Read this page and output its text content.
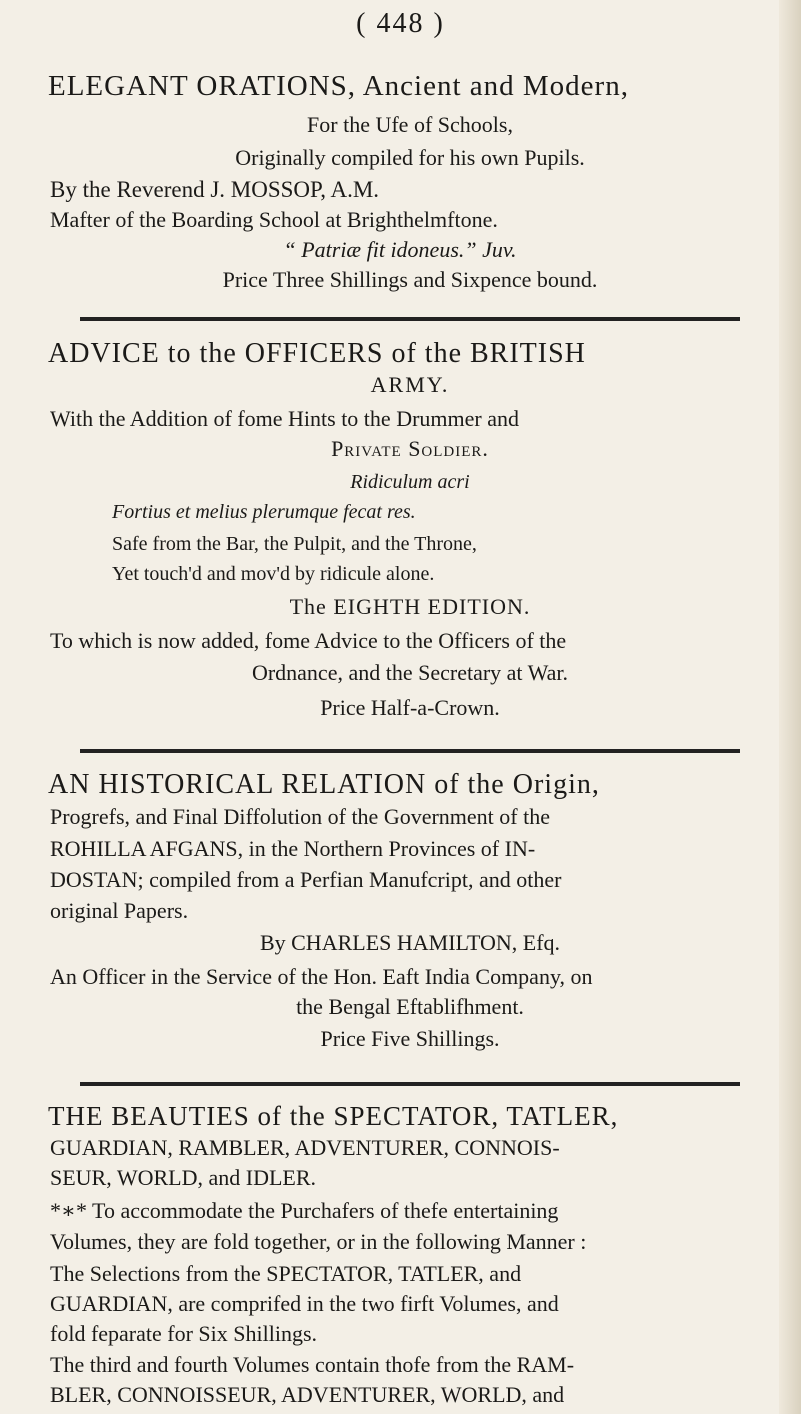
( 448 )
ELEGANT ORATIONS, Ancient and Modern,
For the Ufe of Schools,
Originally compiled for his own Pupils.
By the Reverend J. MOSSOP, A.M.
Mafter of the Boarding School at Brighthelmftone.
“ Patriæ fit idoneus.” Juv.
Price Three Shillings and Sixpence bound.
ADVICE to the OFFICERS of the BRITISH
ARMY.
With the Addition of fome Hints to the Drummer and
Private Soldier.
Ridiculum acri
Fortius et melius plerumque fecat res.
Safe from the Bar, the Pulpit, and the Throne,
Yet touch'd and mov'd by ridicule alone.
The EIGHTH EDITION.
To which is now added, fome Advice to the Officers of the
Ordnance, and the Secretary at War.
Price Half-a-Crown.
AN HISTORICAL RELATION of the Origin,
Progrefs, and Final Diffolution of the Government of the
ROHILLA AFGANS, in the Northern Provinces of IN-
DOSTAN; compiled from a Perfian Manufcript, and other
original Papers.
By CHARLES HAMILTON, Efq.
An Officer in the Service of the Hon. Eaft India Company, on
the Bengal Eftablifhment.
Price Five Shillings.
THE BEAUTIES of the SPECTATOR, TATLER,
GUARDIAN, RAMBLER, ADVENTURER, CONNOIS-
SEUR, WORLD, and IDLER.
*∗* To accommodate the Purchafers of thefe entertaining
Volumes, they are fold together, or in the following Manner :
The Selections from the SPECTATOR, TATLER, and
GUARDIAN, are comprifed in the two firft Volumes, and
fold feparate for Six Shillings.
The third and fourth Volumes contain thofe from the RAM-
BLER, CONNOISSEUR, ADVENTURER, WORLD, and
